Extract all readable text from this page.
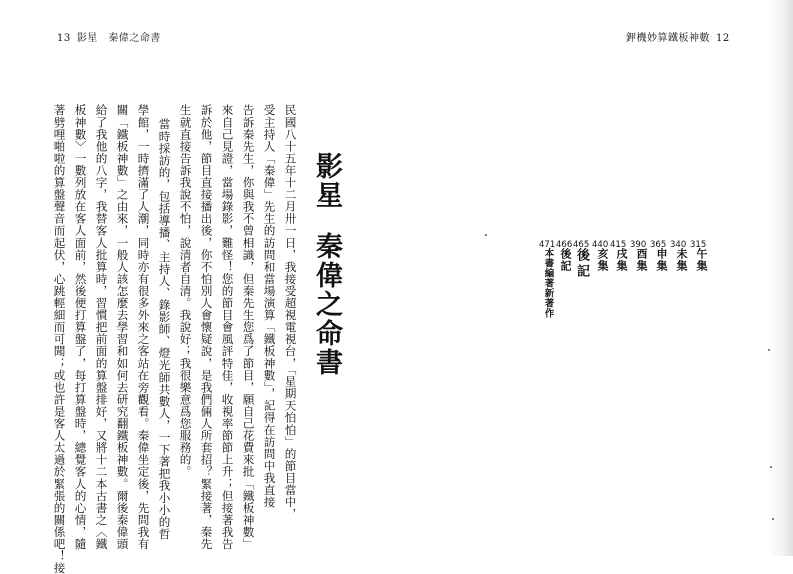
13 影星　秦偉之命書	鉀機妙算鐵板神數 12
影星秦偉之命書
民國八十五年十二月卅一日，我接受超視電視台，「星期天怕怕」的節目當中，
受主持人「秦偉」先生的訪問和當場演算「鐵板神數」，記得在訪問中我直接
告訴秦先生，你與我不曾相識，但秦先生您爲了節目，願自己花費來批「鐵板神數」
來自己見證，當場錄影，難怪！您的節目會風評特佳，收視率節節上升；但接著我告
訴於他，節目直接播出後，你不怕別人會懷疑說，是我們倆人所套招？緊接著，秦先
生就直接告訴我說不怕，說清者自清。我說好；我很樂意爲您服務的。
當時採訪的，包括導播、主持人、錄影師、燈光師共數人，一下著把我小小的哲
學館，一時擠滿了人潮，同時亦有很多外來之客站在旁觀看。秦偉坐定後，先問我有
關「鐵板神數」之由來，一般人該怎麼去學習和如何去研究翻鐵板神數。爾後秦偉頭
給了我他的八字，我替客人批算時，習慣把前面的算盤排好，又將十二本古書之〈鐵
板神數〉一數列放在客人面前，然後便打算盤了，每打算盤時，總覺客人的心情，隨
著劈哩啪啦的算盤聲音而起伏，心跳輕細而可聞；或也許是客人太過於緊張的關係吧！接	315
午集
340
未集
365
申集
390
酉集
415
戌集
440
亥集
465
後記
466
後記
471
本書編著新著作
